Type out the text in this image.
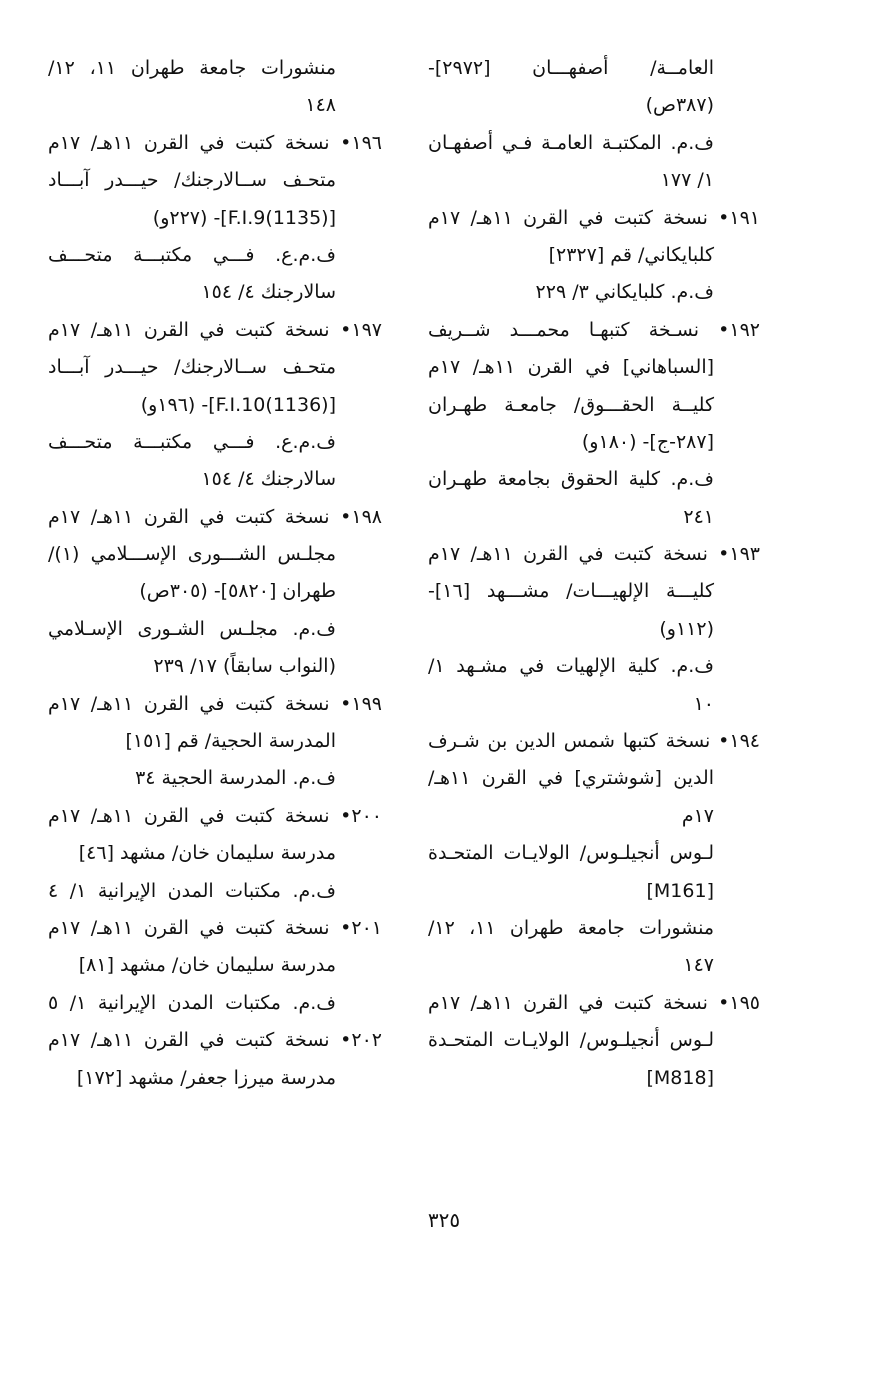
العامــة/ أصفهـــان [٢٩٧٢]-
(٣٨٧ص)
ف.م. المكتبـة العامـة فـي أصفهـان
١/ ١٧٧
١٩١• نسخة كتبت في القرن ١١هـ/ ١٧م
كلبايكاني/ قم [٢٣٢٧]
ف.م. كلبايكاني ٣/ ٢٢٩
١٩٢• نسـخة كتبهـا محمـــد شــريف
[السباهاني] في القرن ١١هـ/ ١٧م
كليــة الحقـــوق/ جامعـة طهـران
[٢٨٧-ج]- (١٨٠و)
ف.م. كلية الحقوق بجامعة طهـران
٢٤١
١٩٣• نسخة كتبت في القرن ١١هـ/ ١٧م
كليـــة الإلهيـــات/ مشـــهد [١٦]-
(١١٢و)
ف.م. كلية الإلهيات في مشـهد ١/
١٠
١٩٤• نسخة كتبها شمس الدين بن شـرف
الدين [شوشتري] في القرن ١١هـ/
١٧م
لـوس أنجيلـوس/ الولايـات المتحـدة
[M161]
منشورات جامعة طهران ١١، ١٢/
١٤٧
١٩٥• نسخة كتبت في القرن ١١هـ/ ١٧م
لـوس أنجيلـوس/ الولايـات المتحـدة
[M818]
منشورات جامعة طهران ١١، ١٢/
١٤٨
١٩٦• نسخة كتبت في القرن ١١هـ/ ١٧م
متحـف ســالارجنك/ حيـــدر آبـــاد
[(1135)F.I.9]- (٢٢٧و)
ف.م.ع. فـــي مكتبـــة متحـــف
سالارجنك ٤/ ١٥٤
١٩٧• نسخة كتبت في القرن ١١هـ/ ١٧م
متحـف ســالارجنك/ حيـــدر آبـــاد
[(1136)F.I.10]- (١٩٦و)
ف.م.ع. فـــي مكتبـــة متحـــف
سالارجنك ٤/ ١٥٤
١٩٨• نسخة كتبت في القرن ١١هـ/ ١٧م
مجلـس الشـــورى الإســـلامي (١)/
طهران [٥٨٢٠]- (٣٠٥ص)
ف.م. مجلـس الشـورى الإسـلامي
(النواب سابقاً) ١٧/ ٢٣٩
١٩٩• نسخة كتبت في القرن ١١هـ/ ١٧م
المدرسة الحجية/ قم [١٥١]
ف.م. المدرسة الحجية ٣٤
٢٠٠• نسخة كتبت في القرن ١١هـ/ ١٧م
مدرسة سليمان خان/ مشهد [٤٦]
ف.م. مكتبات المدن الإيرانية ١/ ٤
٢٠١• نسخة كتبت في القرن ١١هـ/ ١٧م
مدرسة سليمان خان/ مشهد [٨١]
ف.م. مكتبات المدن الإيرانية ١/ ٥
٢٠٢• نسخة كتبت في القرن ١١هـ/ ١٧م
مدرسة ميرزا جعفر/ مشهد [١٧٢]
٣٢٥
